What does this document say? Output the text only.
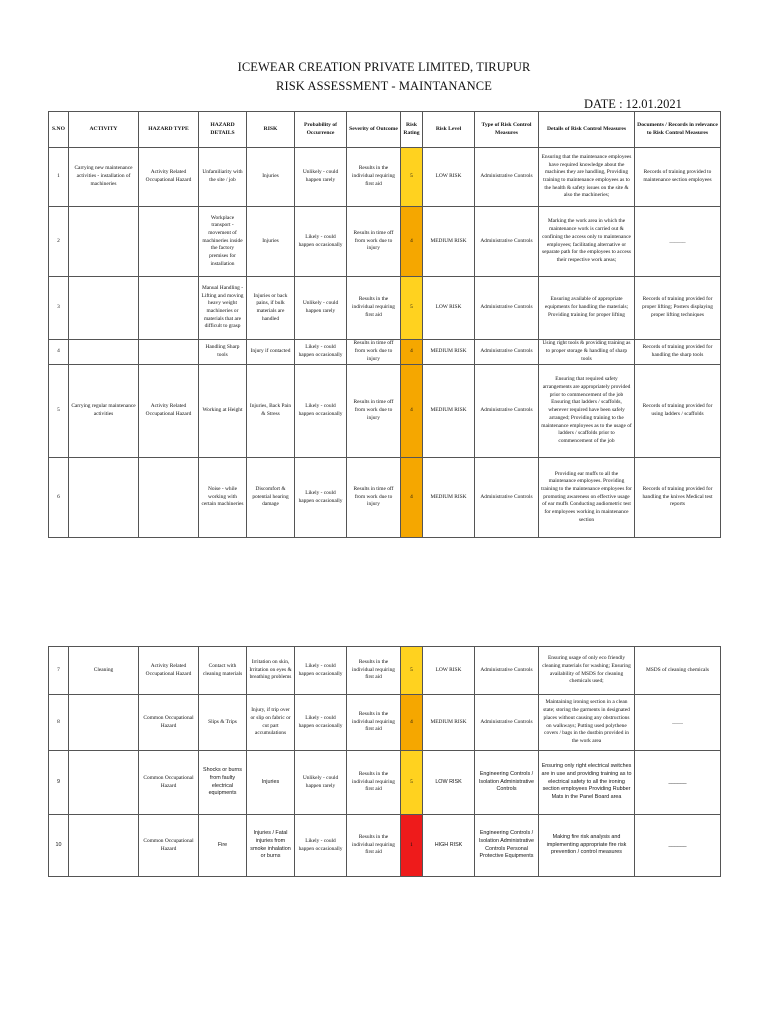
ICEWEAR CREATION PRIVATE LIMITED, TIRUPUR
RISK ASSESSMENT - MAINTANANCE
DATE : 12.01.2021
S.NO	ACTIVITY	HAZARD TYPE	HAZARD DETAILS	RISK	Probability of Occurrence	Severity of Outcome	Risk Rating	Risk Level	Type of Risk Control Measures	Details of Risk Control Measures	Documents / Records in relevance to Risk Control Measures
1	Carrying new maintenance activities - installation of machineries	Activity Related Occupational Hazard	Unfamiliarity with the site / job	Injuries	Unlikely - could happen rarely	Results in the individual requiring first aid	5	LOW RISK	Administrative Controls	Ensuring that the maintenance employees have required knowledge about the machines they are handling, Providing training to maintenance employees as to the health & safety issues on the site & also the machineries;	Records of training provided to maintenance section employees
2			Workplace transport - movement of machineries inside the factory premises for installation	Injuries	Likely - could happen occasionally	Results in time off from work due to injury	4	MEDIUM RISK	Administrative Controls	Marking the work area in which the maintenance work is carried out & confining the access only to maintenance employees; facilitating alternative or separate path for the employees to access their respective work areas;	______
3			Manual Handling - Lifting and moving heavy weight machineries or materials that are difficult to grasp	Injuries or back pains, if bulk materials are handled	Unlikely - could happen rarely	Results in the individual requiring first aid	5	LOW RISK	Administrative Controls	Ensuring available of appropriate equipments for handling the materials; Providing training for proper lifting	Records of training provided for proper lifting; Posters displaying proper lifting techniques
4			Handling Sharp tools	Injury if contacted	Likely - could happen occasionally	Results in time off from work due to injury	4	MEDIUM RISK	Administrative Controls	Using right tools & providing training as to proper storage & handling of sharp tools	Records of training provided for handling the sharp tools
5	Carrying regular maintenance activities	Activity Related Occupational Hazard	Working at Height	Injuries, Back Pain & Stress	Likely - could happen occasionally	Results in time off from work due to injury	4	MEDIUM RISK	Administrative Controls	Ensuring that required safety arrangements are appropriately provided prior to commencement of the job Ensuring that ladders / scaffolds, wherever required have been safely arranged; Providing training to the maintenance employees as to the usage of ladders / scaffolds prior to commencement of the job	Records of training provided for using ladders / scaffolds
6			Noise - while working with certain machineries	Discomfort & potential hearing damage	Likely - could happen occasionally	Results in time off from work due to injury	4	MEDIUM RISK	Administrative Controls	Providing ear muffs to all the maintenance employees. Providing training to the maintenance employees for promoting awareness on effective usage of ear muffs Conducting audiometric test for employees working in maintenance section	Records of training provided for handling the knives Medical test reports
7	Cleaning	Activity Related Occupational Hazard	Contact with cleaning materials	Irritation on skin, Irritation on eyes & breathing problems	Likely - could happen occasionally	Results in the individual requiring first aid	5	LOW RISK	Administrative Controls	Ensuring usage of only eco friendly cleaning materials for washing; Ensuring availability of MSDS for cleaning chemicals used;	MSDS of cleaning chemicals
8		Common Occupational Hazard	Slips & Trips	Injury, if trip over or slip on fabric or cut part accumulations	Likely - could happen occasionally	Results in the individual requiring first aid	4	MEDIUM RISK	Administrative Controls	Maintaining ironing section in a clean state; storing the garments in designated places without causing any obstructions on walkways; Putting used polythene covers / bags in the dustbin provided in the work area	____
9		Common Occupational Hazard	Shocks or burns from faulty electrical equipments	Injuries	Unlikely - could happen rarely	Results in the individual requiring first aid	5	LOW RISK	Engineering Controls / Isolation Administrative Controls	Ensuring only right electrical switches are in use and providing training as to electrical safety to all the ironing section employees Providing Rubber Mats in the Panel Board area	______
10		Common Occupational Hazard	Fire	Injuries / Fatal injuries from smoke inhalation or burns	Likely - could happen occasionally	Results in the individual requiring first aid	1	HIGH RISK	Engineering Controls / Isolation Administrative Controls Personal Protective Equipments	Making fire risk analysis and implementing appropriate fire risk prevention / control measures	______
